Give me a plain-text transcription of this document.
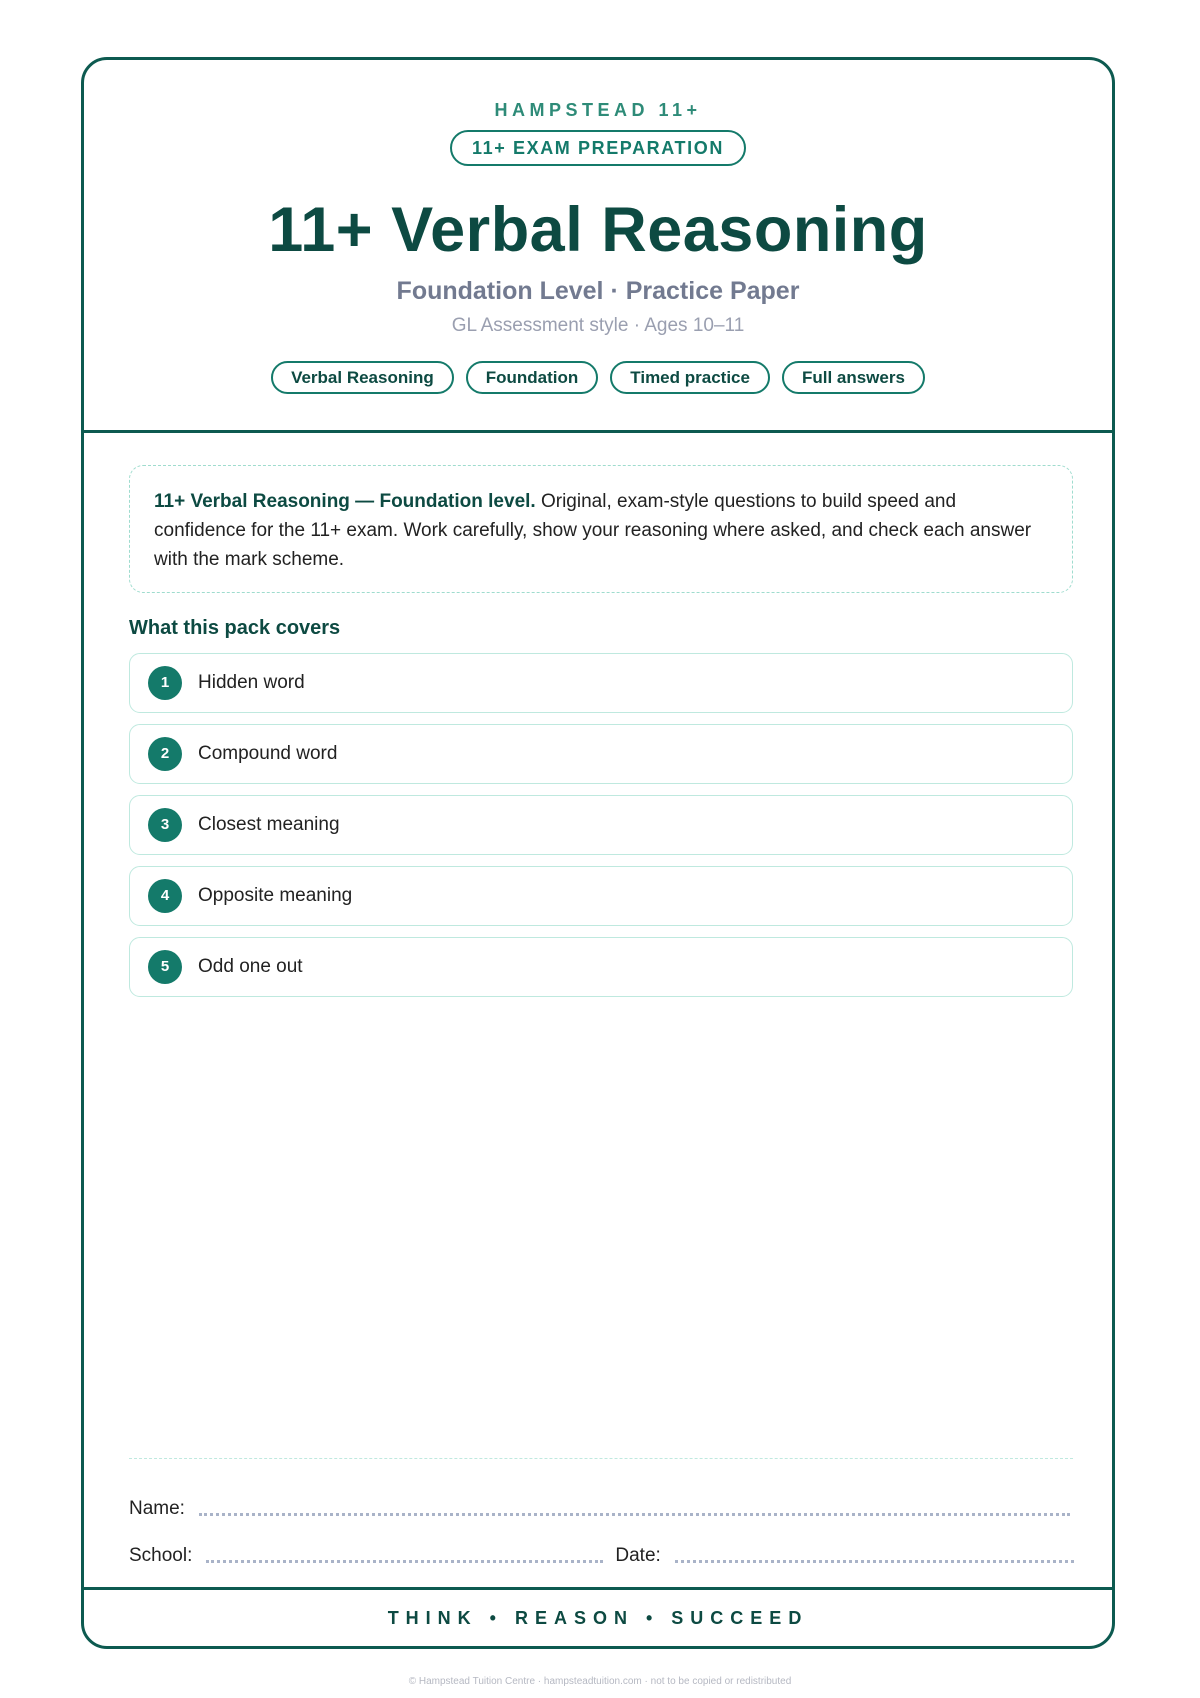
HAMPSTEAD 11+
11+ EXAM PREPARATION
11+ Verbal Reasoning
Foundation Level · Practice Paper
GL Assessment style · Ages 10–11
Verbal Reasoning	Foundation	Timed practice	Full answers
11+ Verbal Reasoning — Foundation level. Original, exam-style questions to build speed and confidence for the 11+ exam. Work carefully, show your reasoning where asked, and check each answer with the mark scheme.
What this pack covers
1	Hidden word
2	Compound word
3	Closest meaning
4	Opposite meaning
5	Odd one out
Name:
School:	Date:
THINK • REASON • SUCCEED
© Hampstead Tuition Centre · hampsteadtuition.com · not to be copied or redistributed
